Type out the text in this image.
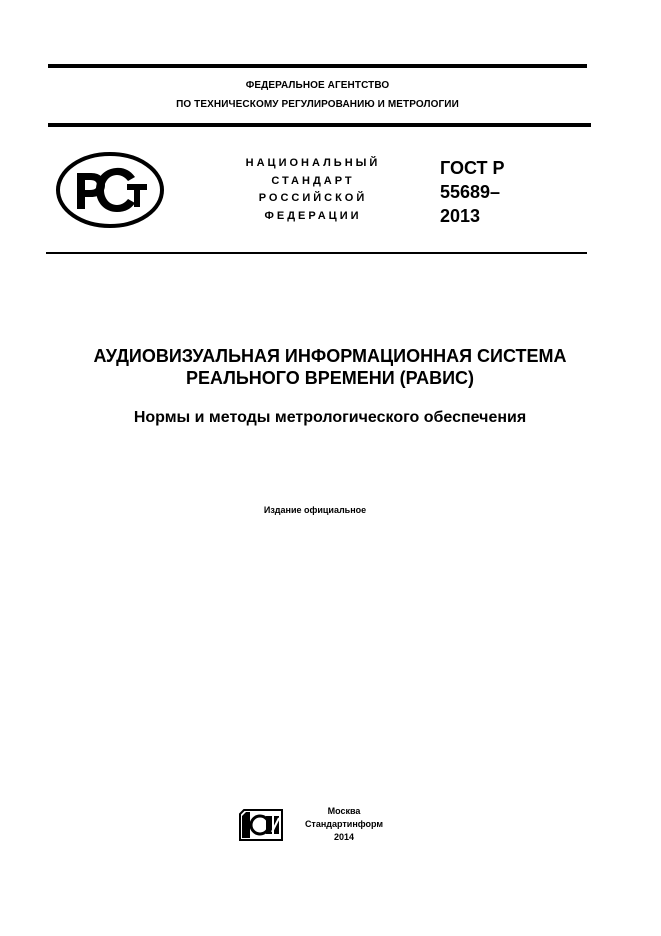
ФЕДЕРАЛЬНОЕ АГЕНТСТВО
ПО ТЕХНИЧЕСКОМУ РЕГУЛИРОВАНИЮ И МЕТРОЛОГИИ
НАЦИОНАЛЬНЫЙ
СТАНДАРТ
РОССИЙСКОЙ
ФЕДЕРАЦИИ
ГОСТ Р
55689–
2013
АУДИОВИЗУАЛЬНАЯ ИНФОРМАЦИОННАЯ СИСТЕМА
РЕАЛЬНОГО ВРЕМЕНИ (РАВИС)
Нормы и методы метрологического обеспечения
Издание официальное
Москва
Стандартинформ
2014
